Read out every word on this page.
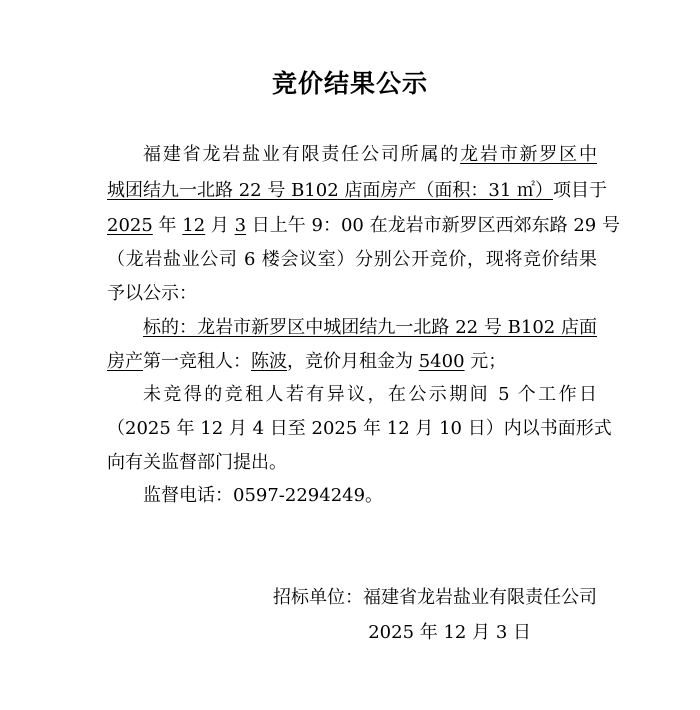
竞价结果公示
福建省龙岩盐业有限责任公司所属的龙岩市新罗区中
城团结九一北路 22 号 B102 店面房产（面积：31 ㎡）项目于
2025 年 12 月 3 日上午 9：00 在龙岩市新罗区西郊东路 29 号
（龙岩盐业公司 6 楼会议室）分别公开竞价，现将竞价结果
予以公示：
标的：龙岩市新罗区中城团结九一北路 22 号 B102 店面
房产第一竞租人：陈波，竞价月租金为 5400 元；
未竞得的竞租人若有异议，在公示期间 5 个工作日
（2025 年 12 月 4 日至 2025 年 12 月 10 日）内以书面形式
向有关监督部门提出。
监督电话：0597-2294249。
招标单位：福建省龙岩盐业有限责任公司
2025 年 12 月 3 日
